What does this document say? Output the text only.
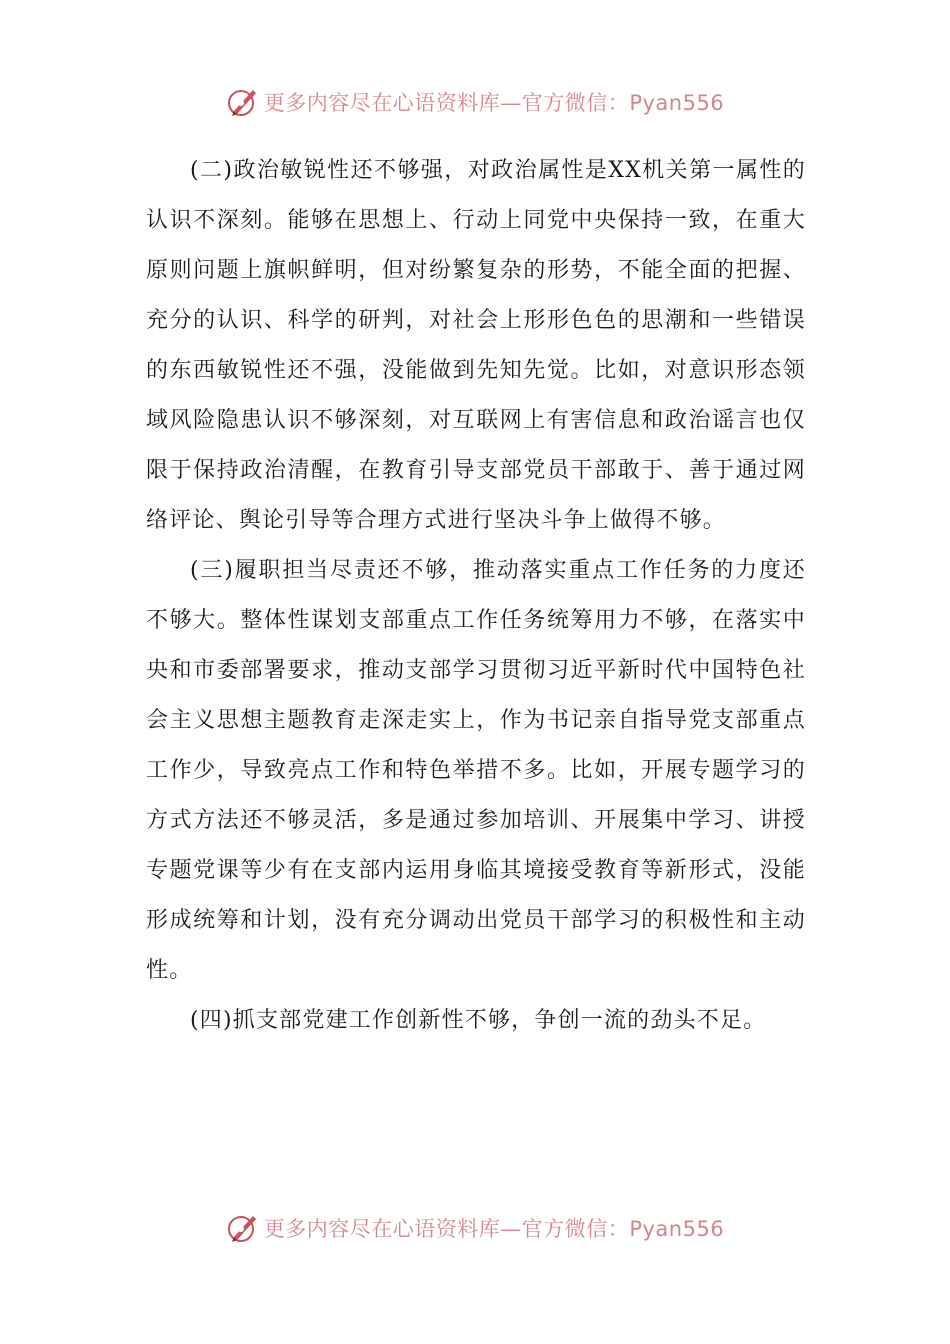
更多内容尽在心语资料库—官方微信：Pyan556

(二)政治敏锐性还不够强，对政治属性是XX机关第一属性的认识不深刻。能够在思想上、行动上同党中央保持一致，在重大原则问题上旗帜鲜明，但对纷繁复杂的形势，不能全面的把握、充分的认识、科学的研判，对社会上形形色色的思潮和一些错误的东西敏锐性还不强，没能做到先知先觉。比如，对意识形态领域风险隐患认识不够深刻，对互联网上有害信息和政治谣言也仅限于保持政治清醒，在教育引导支部党员干部敢于、善于通过网络评论、舆论引导等合理方式进行坚决斗争上做得不够。

(三)履职担当尽责还不够，推动落实重点工作任务的力度还不够大。整体性谋划支部重点工作任务统筹用力不够，在落实中央和市委部署要求，推动支部学习贯彻习近平新时代中国特色社会主义思想主题教育走深走实上，作为书记亲自指导党支部重点工作少，导致亮点工作和特色举措不多。比如，开展专题学习的方式方法还不够灵活，多是通过参加培训、开展集中学习、讲授专题党课等少有在支部内运用身临其境接受教育等新形式，没能形成统筹和计划，没有充分调动出党员干部学习的积极性和主动性。

(四)抓支部党建工作创新性不够，争创一流的劲头不足。

更多内容尽在心语资料库—官方微信：Pyan556
